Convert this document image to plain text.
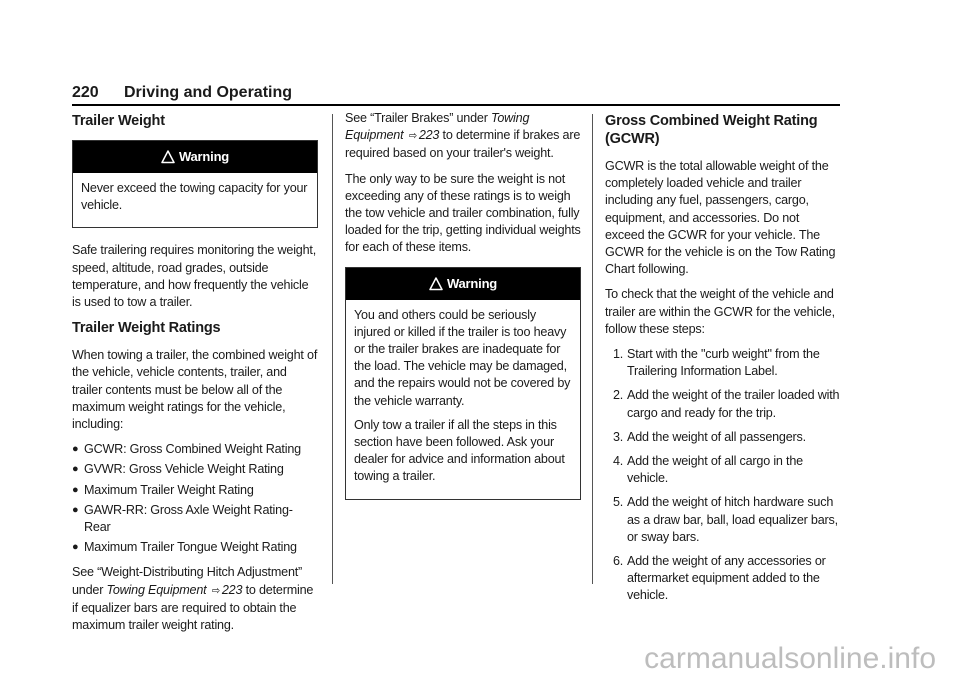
220 Driving and Operating
Trailer Weight
Warning

Never exceed the towing capacity for your vehicle.

Safe trailering requires monitoring the weight, speed, altitude, road grades, outside temperature, and how frequently the vehicle is used to tow a trailer.

Trailer Weight Ratings

When towing a trailer, the combined weight of the vehicle, vehicle contents, trailer, and trailer contents must be below all of the maximum weight ratings for the vehicle, including:

● GCWR: Gross Combined Weight Rating
● GVWR: Gross Vehicle Weight Rating
● Maximum Trailer Weight Rating
● GAWR-RR: Gross Axle Weight Rating-Rear
● Maximum Trailer Tongue Weight Rating

See “Weight-Distributing Hitch Adjustment” under Towing Equipment ⇨ 223 to determine if equalizer bars are required to obtain the maximum trailer weight rating.

See “Trailer Brakes” under Towing Equipment ⇨ 223 to determine if brakes are required based on your trailer's weight.

The only way to be sure the weight is not exceeding any of these ratings is to weigh the tow vehicle and trailer combination, fully loaded for the trip, getting individual weights for each of these items.

Warning

You and others could be seriously injured or killed if the trailer is too heavy or the trailer brakes are inadequate for the load. The vehicle may be damaged, and the repairs would not be covered by the vehicle warranty.

Only tow a trailer if all the steps in this section have been followed. Ask your dealer for advice and information about towing a trailer.

Gross Combined Weight Rating (GCWR)

GCWR is the total allowable weight of the completely loaded vehicle and trailer including any fuel, passengers, cargo, equipment, and accessories. Do not exceed the GCWR for your vehicle. The GCWR for the vehicle is on the Tow Rating Chart following.

To check that the weight of the vehicle and trailer are within the GCWR for the vehicle, follow these steps:

1. Start with the "curb weight" from the Trailering Information Label.
2. Add the weight of the trailer loaded with cargo and ready for the trip.
3. Add the weight of all passengers.
4. Add the weight of all cargo in the vehicle.
5. Add the weight of hitch hardware such as a draw bar, ball, load equalizer bars, or sway bars.
6. Add the weight of any accessories or aftermarket equipment added to the vehicle.
carmanualsonline.info
